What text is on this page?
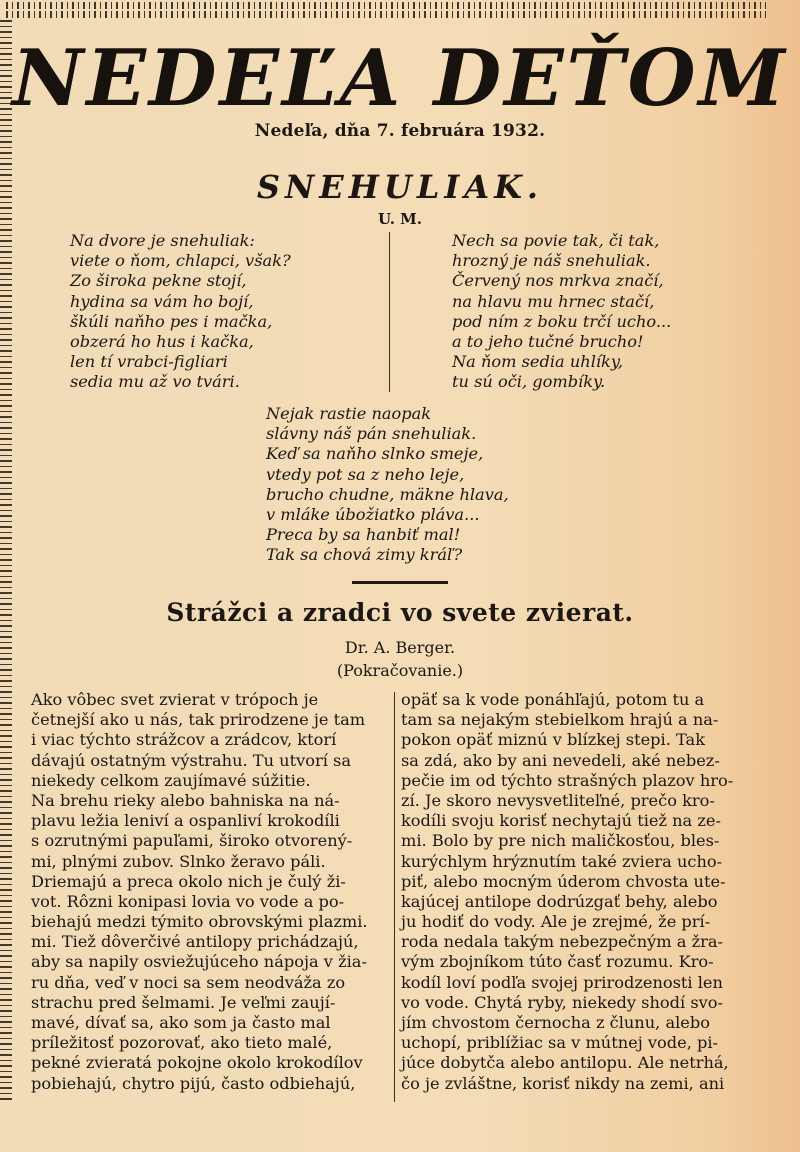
NEDEĽA DEŤOM
Nedeľa, dňa 7. februára 1932.
SNEHULIAK.
U. M.
Na dvore je snehuliak:
viete o ňom, chlapci, však?
Zo široka pekne stojí,
hydina sa vám ho bojí,
škúli naňho pes i mačka,
obzerá ho hus i kačka,
len tí vrabci-figliari
sedia mu až vo tvári.
Nech sa povie tak, či tak,
hrozný je náš snehuliak.
Červený nos mrkva značí,
na hlavu mu hrnec stačí,
pod ním z boku trčí ucho...
a to jeho tučné brucho!
Na ňom sedia uhlíky,
tu sú oči, gombíky.
Nejak rastie naopak
slávny náš pán snehuliak.
Keď sa naňho slnko smeje,
vtedy pot sa z neho leje,
brucho chudne, mäkne hlava,
v mláke úbožiatko pláva...
Preca by sa hanbiť mal!
Tak sa chová zimy kráľ?
Strážci a zradci vo svete zvierat.
Dr. A. Berger.
(Pokračovanie.)
Ako vôbec svet zvierat v trópoch je
četnejší ako u nás, tak prirodzene je tam
i viac týchto strážcov a zrádcov, ktorí
dávajú ostatným výstrahu. Tu utvorí sa
niekedy celkom zaujímavé súžitie.
Na brehu rieky alebo bahniska na ná-
plavu ležia leniví a ospanliví krokodíli
s ozrutnými papuľami, široko otvorený-
mi, plnými zubov. Slnko žeravo páli.
Driemajú a preca okolo nich je čulý ži-
vot. Rôzni konipasi lovia vo vode a po-
biehajú medzi týmito obrovskými plazmi.
mi. Tiež dôverčivé antilopy prichádzajú,
aby sa napily osviežujúceho nápoja v žia-
ru dňa, veď v noci sa sem neodváža zo
strachu pred šelmami. Je veľmi zaují-
mavé, dívať sa, ako som ja často mal
príležitosť pozorovať, ako tieto malé,
pekné zvieratá pokojne okolo krokodílov
pobiehajú, chytro pijú, často odbiehajú,
opäť sa k vode ponáhľajú, potom tu a
tam sa nejakým stebielkom hrajú a na-
pokon opäť miznú v blízkej stepi. Tak
sa zdá, ako by ani nevedeli, aké nebez-
pečie im od týchto strašných plazov hro-
zí. Je skoro nevysvetliteľné, prečo kro-
kodíli svoju korisť nechytajú tiež na ze-
mi. Bolo by pre nich maličkosťou, bles-
kurýchlym hrýznutím také zviera ucho-
piť, alebo mocným úderom chvosta ute-
kajúcej antilope dodrúzgať behy, alebo
ju hodiť do vody. Ale je zrejmé, že prí-
roda nedala takým nebezpečným a žra-
vým zbojníkom túto časť rozumu. Kro-
kodíl loví podľa svojej prirodzenosti len
vo vode. Chytá ryby, niekedy shodí svo-
jím chvostom černocha z člunu, alebo
uchopí, priblížiac sa v mútnej vode, pi-
júce dobytča alebo antilopu. Ale netrhá,
čo je zvláštne, korisť nikdy na zemi, ani
